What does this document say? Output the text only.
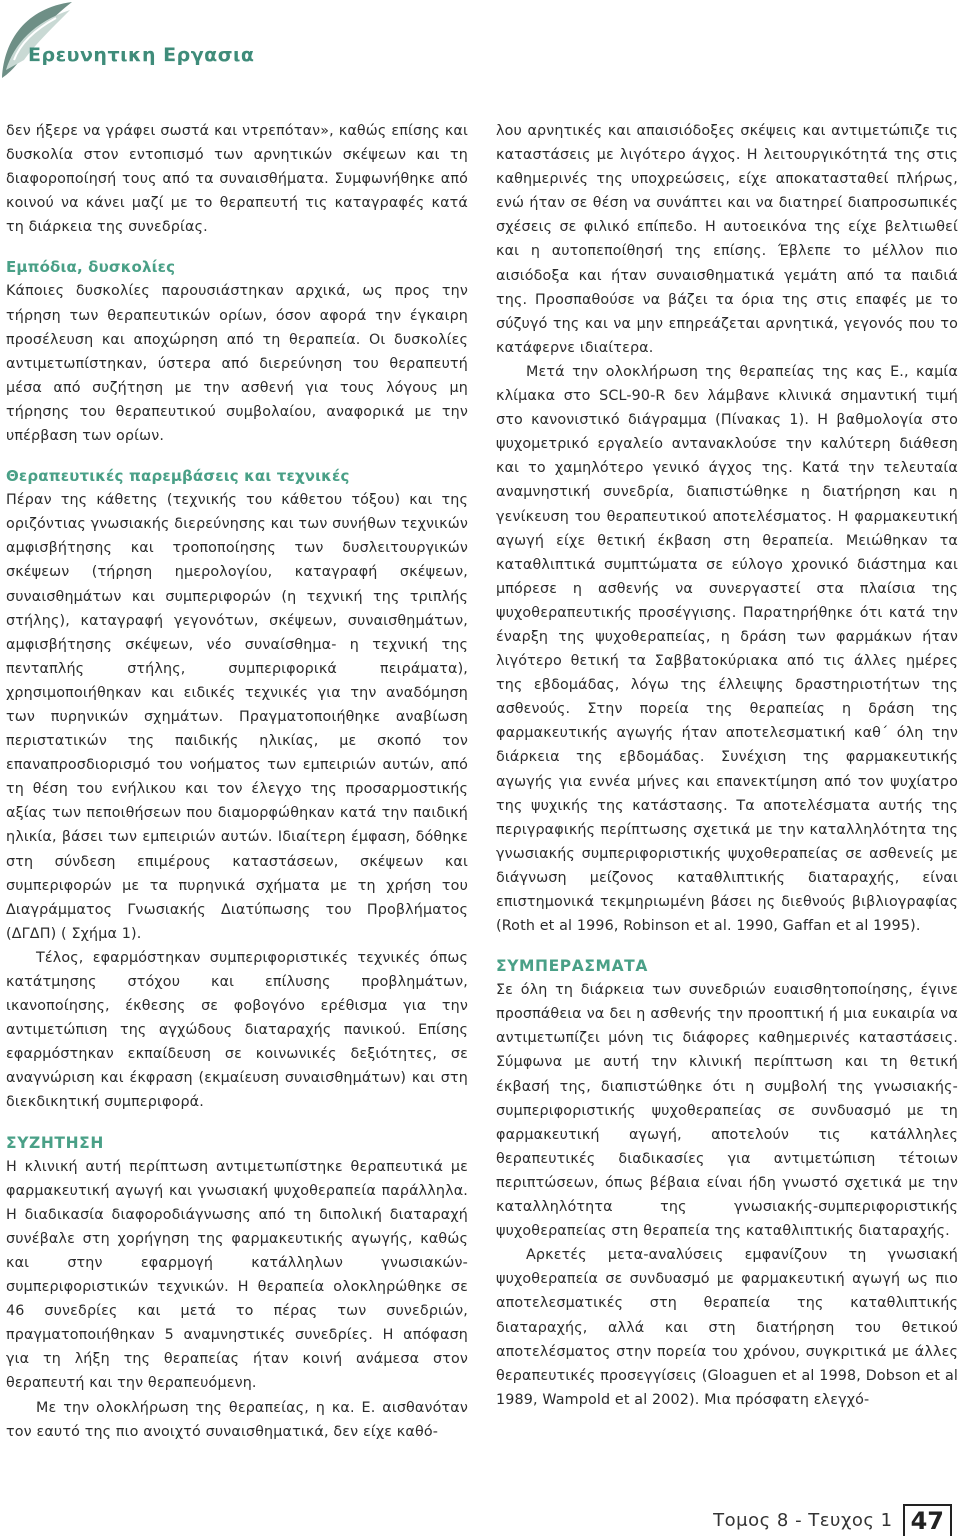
Ερευνητικη Εργασια

δεν ήξερε να γράφει σωστά και ντρεπόταν», καθώς επίσης και δυσκολία στον εντοπισμό των αρνητικών σκέψεων και τη διαφοροποίησή τους από τα συναισθήματα. Συμφωνήθηκε από κοινού να κάνει μαζί με το θεραπευτή τις καταγραφές κατά τη διάρκεια της συνεδρίας.

Εμπόδια, δυσκολίες

Κάποιες δυσκολίες παρουσιάστηκαν αρχικά, ως προς την τήρηση των θεραπευτικών ορίων, όσον αφορά την έγκαιρη προσέλευση και αποχώρηση από τη θεραπεία. Οι δυσκολίες αντιμετωπίστηκαν, ύστερα από διερεύνηση του θεραπευτή μέσα από συζήτηση με την ασθενή για τους λόγους μη τήρησης του θεραπευτικού συμβολαίου, αναφορικά με την υπέρβαση των ορίων.

Θεραπευτικές παρεμβάσεις και τεχνικές

Πέραν της κάθετης (τεχνικής του κάθετου τόξου) και της οριζόντιας γνωσιακής διερεύνησης και των συνήθων τεχνικών αμφισβήτησης και τροποποίησης των δυσλειτουργικών σκέψεων (τήρηση ημερολογίου, καταγραφή σκέψεων, συναισθημάτων και συμπεριφορών (η τεχνική της τριπλής στήλης), καταγραφή γεγονότων, σκέψεων, συναισθημάτων, αμφισβήτησης σκέψεων, νέο συναίσθημα- η τεχνική της πενταπλής στήλης, συμπεριφορικά πειράματα), χρησιμοποιήθηκαν και ειδικές τεχνικές για την αναδόμηση των πυρηνικών σχημάτων. Πραγματοποιήθηκε αναβίωση περιστατικών της παιδικής ηλικίας, με σκοπό τον επαναπροσδιορισμό του νοήματος των εμπειριών αυτών, από τη θέση του ενήλικου και τον έλεγχο της προσαρμοστικής αξίας των πεποιθήσεων που διαμορφώθηκαν κατά την παιδική ηλικία, βάσει των εμπειριών αυτών. Ιδιαίτερη έμφαση, δόθηκε στη σύνδεση επιμέρους καταστάσεων, σκέψεων και συμπεριφορών με τα πυρηνικά σχήματα με τη χρήση του Διαγράμματος Γνωσιακής Διατύπωσης του Προβλήματος (ΔΓΔΠ) ( Σχήμα 1).

Τέλος, εφαρμόστηκαν συμπεριφοριστικές τεχνικές όπως κατάτμησης στόχου και επίλυσης προβλημάτων, ικανοποίησης, έκθεσης σε φοβογόνο ερέθισμα για την αντιμετώπιση της αγχώδους διαταραχής πανικού. Επίσης εφαρμόστηκαν εκπαίδευση σε κοινωνικές δεξιότητες, σε αναγνώριση και έκφραση (εκμαίευση συναισθημάτων) και στη διεκδικητική συμπεριφορά.

ΣΥΖΗΤΗΣΗ

Η κλινική αυτή περίπτωση αντιμετωπίστηκε θεραπευτικά με φαρμακευτική αγωγή και γνωσιακή ψυχοθεραπεία παράλληλα. Η διαδικασία διαφοροδιάγνωσης από τη διπολική διαταραχή συνέβαλε στη χορήγηση της φαρμακευτικής αγωγής, καθώς και στην εφαρμογή κατάλληλων γνωσιακών-συμπεριφοριστικών τεχνικών. Η θεραπεία ολοκληρώθηκε σε 46 συνεδρίες και μετά το πέρας των συνεδριών, πραγματοποιήθηκαν 5 αναμνηστικές συνεδρίες. Η απόφαση για τη λήξη της θεραπείας ήταν κοινή ανάμεσα στον θεραπευτή και την θεραπευόμενη.

Με την ολοκλήρωση της θεραπείας, η κα. Ε. αισθανόταν τον εαυτό της πιο ανοιχτό συναισθηματικά, δεν είχε καθό-

λου αρνητικές και απαισιόδοξες σκέψεις και αντιμετώπιζε τις καταστάσεις με λιγότερο άγχος. Η λειτουργικότητά της στις καθημερινές της υποχρεώσεις, είχε αποκατασταθεί πλήρως, ενώ ήταν σε θέση να συνάπτει και να διατηρεί διαπροσωπικές σχέσεις σε φιλικό επίπεδο. Η αυτοεικόνα της είχε βελτιωθεί και η αυτοπεποίθησή της επίσης. Έβλεπε το μέλλον πιο αισιόδοξα και ήταν συναισθηματικά γεμάτη από τα παιδιά της. Προσπαθούσε να βάζει τα όρια της στις επαφές με το σύζυγό της και να μην επηρεάζεται αρνητικά, γεγονός που το κατάφερνε ιδιαίτερα.

Μετά την ολοκλήρωση της θεραπείας της κας Ε., καμία κλίμακα στο SCL-90-R δεν λάμβανε κλινικά σημαντική τιμή στο κανονιστικό διάγραμμα (Πίνακας 1). Η βαθμολογία στο ψυχομετρικό εργαλείο αντανακλούσε την καλύτερη διάθεση και το χαμηλότερο γενικό άγχος της. Κατά την τελευταία αναμνηστική συνεδρία, διαπιστώθηκε η διατήρηση και η γενίκευση του θεραπευτικού αποτελέσματος. Η φαρμακευτική αγωγή είχε θετική έκβαση στη θεραπεία. Μειώθηκαν τα καταθλιπτικά συμπτώματα σε εύλογο χρονικό διάστημα και μπόρεσε η ασθενής να συνεργαστεί στα πλαίσια της ψυχοθεραπευτικής προσέγγισης. Παρατηρήθηκε ότι κατά την έναρξη της ψυχοθεραπείας, η δράση των φαρμάκων ήταν λιγότερο θετική τα Σαββατοκύριακα από τις άλλες ημέρες της εβδομάδας, λόγω της έλλειψης δραστηριοτήτων της ασθενούς. Στην πορεία της θεραπείας η δράση της φαρμακευτικής αγωγής ήταν αποτελεσματική καθ΄ όλη την διάρκεια της εβδομάδας. Συνέχιση της φαρμακευτικής αγωγής για εννέα μήνες και επανεκτίμηση από τον ψυχίατρο της ψυχικής της κατάστασης. Τα αποτελέσματα αυτής της περιγραφικής περίπτωσης σχετικά με την καταλληλότητα της γνωσιακής συμπεριφοριστικής ψυχοθεραπείας σε ασθενείς με διάγνωση μείζονος καταθλιπτικής διαταραχής, είναι επιστημονικά τεκμηριωμένη βάσει ης διεθνούς βιβλιογραφίας (Roth et al 1996, Robinson et al. 1990, Gaffan et al 1995).

ΣΥΜΠΕΡΑΣΜΑΤΑ

Σε όλη τη διάρκεια των συνεδριών ευαισθητοποίησης, έγινε προσπάθεια να δει η ασθενής την προοπτική ή μια ευκαιρία να αντιμετωπίζει μόνη τις διάφορες καθημερινές καταστάσεις. Σύμφωνα με αυτή την κλινική περίπτωση και τη θετική έκβασή της, διαπιστώθηκε ότι η συμβολή της γνωσιακής-συμπεριφοριστικής ψυχοθεραπείας σε συνδυασμό με τη φαρμακευτική αγωγή, αποτελούν τις κατάλληλες θεραπευτικές διαδικασίες για αντιμετώπιση τέτοιων περιπτώσεων, όπως βέβαια είναι ήδη γνωστό σχετικά με την καταλληλότητα της γνωσιακής-συμπεριφοριστικής ψυχοθεραπείας στη θεραπεία της καταθλιπτικής διαταραχής.

Αρκετές μετα-αναλύσεις εμφανίζουν τη γνωσιακή ψυχοθεραπεία σε συνδυασμό με φαρμακευτική αγωγή ως πιο αποτελεσματικές στη θεραπεία της καταθλιπτικής διαταραχής, αλλά και στη διατήρηση του θετικού αποτελέσματος στην πορεία του χρόνου, συγκριτικά με άλλες θεραπευτικές προσεγγίσεις (Gloaguen et al 1998, Dobson et al 1989, Wampold et al 2002). Μια πρόσφατη ελεγχό-

Τομος 8 - Τευχος 1 47
